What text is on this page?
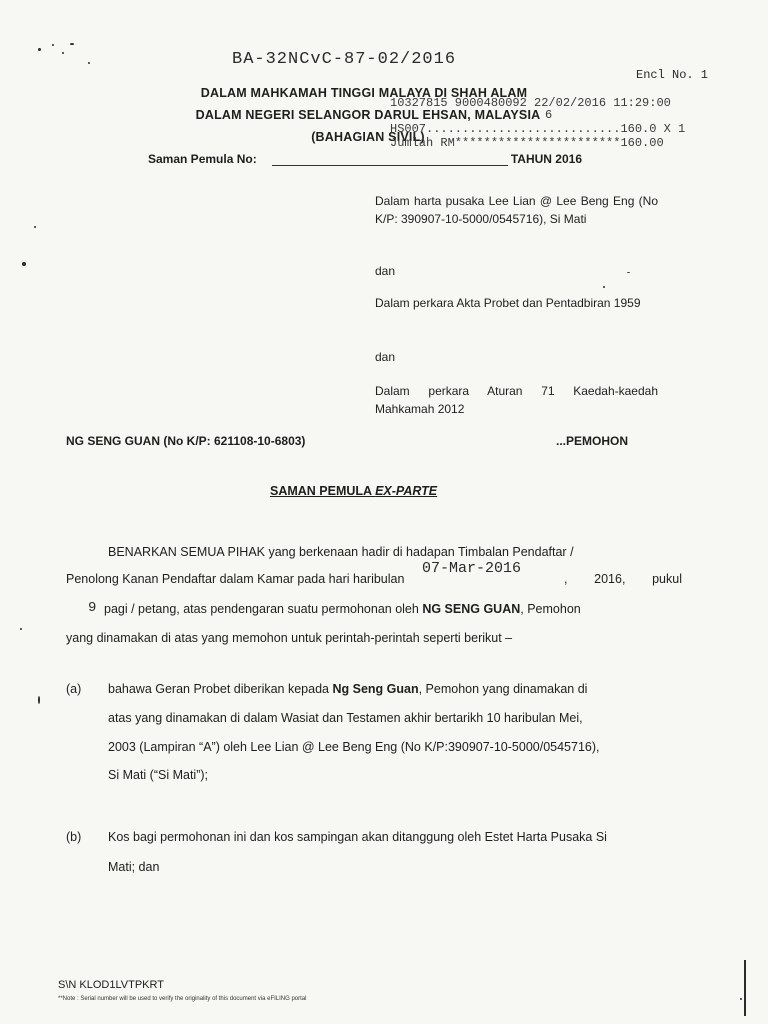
BA-32NCvC-87-02/2016
Encl No. 1
DALAM MAHKAMAH TINGGI MALAYA DI SHAH ALAM
DALAM NEGERI SELANGOR DARUL EHSAN, MALAYSIA
(BAHAGIAN SIVIL)
10327815 9000480092 22/02/2016 11:29:00
6
HS007...........................160.0 X 1
Jumlah RM***********************160.00
Saman Pemula No:	TAHUN 2016
Dalam harta pusaka Lee Lian @ Lee Beng Eng (No K/P: 390907-10-5000/0545716), Si Mati
dan
Dalam perkara Akta Probet dan Pentadbiran 1959
dan
Dalam perkara Aturan 71 Kaedah-kaedah Mahkamah 2012
NG SENG GUAN (No K/P: 621108-10-6803)	...PEMOHON
SAMAN PEMULA EX-PARTE
BENARKAN SEMUA PIHAK yang berkenaan hadir di hadapan Timbalan Pendaftar /
Penolong Kanan Pendaftar dalam Kamar pada hari haribulan
07-Mar-2016
, 2016, pukul
9 pagi / petang, atas pendengaran suatu permohonan oleh NG SENG GUAN, Pemohon
yang dinamakan di atas yang memohon untuk perintah-perintah seperti berikut –
(a) bahawa Geran Probet diberikan kepada Ng Seng Guan, Pemohon yang dinamakan di
atas yang dinamakan di dalam Wasiat dan Testamen akhir bertarikh 10 haribulan Mei,
2003 (Lampiran “A”) oleh Lee Lian @ Lee Beng Eng (No K/P:390907-10-5000/0545716),
Si Mati (“Si Mati”);
(b) Kos bagi permohonan ini dan kos sampingan akan ditanggung oleh Estet Harta Pusaka Si
Mati; dan
S\N KLOD1LVTPKRT
**Note : Serial number will be used to verify the originality of this document via eFILING portal
